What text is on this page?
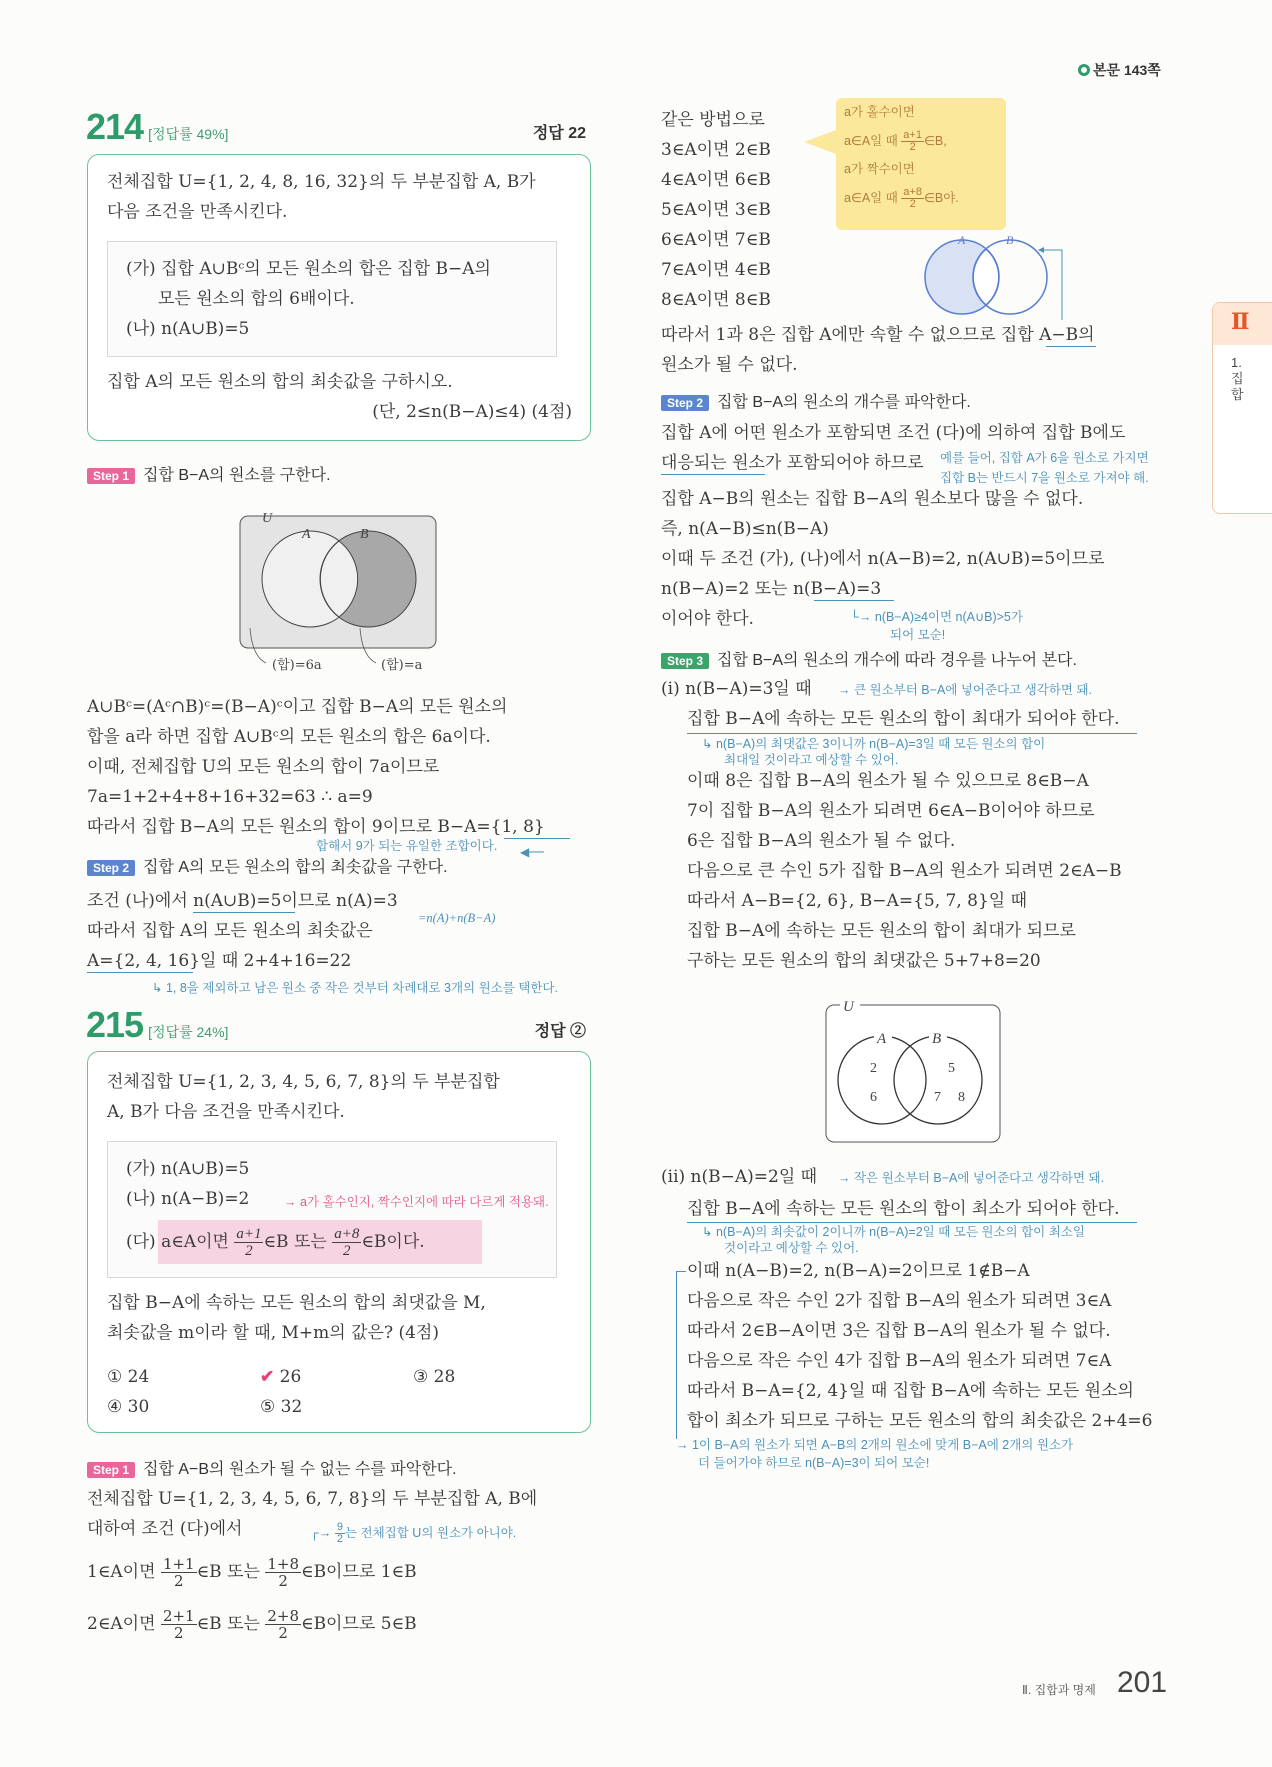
본문 143쪽
Ⅱ
1.
집
합
214 [정답률 49%]	정답 22
전체집합 U={1, 2, 4, 8, 16, 32}의 두 부분집합 A, B가
다음 조건을 만족시킨다.
(가) 집합 A∪Bᶜ의 모든 원소의 합은 집합 B−A의
모든 원소의 합의 6배이다.
(나) n(A∪B)=5
집합 A의 모든 원소의 합의 최솟값을 구하시오.
(단, 2≤n(B−A)≤4) (4점)
Step 1 집합 B−A의 원소를 구한다.
U
A	B
(합)=6a	(합)=a
A∪Bᶜ=(Aᶜ∩B)ᶜ=(B−A)ᶜ이고 집합 B−A의 모든 원소의
합을 a라 하면 집합 A∪Bᶜ의 모든 원소의 합은 6a이다.
이때, 전체집합 U의 모든 원소의 합이 7a이므로
7a=1+2+4+8+16+32=63 ∴ a=9
따라서 집합 B−A의 모든 원소의 합이 9이므로 B−A={1, 8}
합해서 9가 되는 유일한 조합이다. ◀──
Step 2 집합 A의 모든 원소의 합의 최솟값을 구한다.
조건 (나)에서 n(A∪B)=5이므로 n(A)=3
=n(A)+n(B−A)
따라서 집합 A의 모든 원소의 최솟값은
A={2, 4, 16}일 때 2+4+16=22
↳ 1, 8을 제외하고 남은 원소 중 작은 것부터 차례대로 3개의 원소를 택한다.
215 [정답률 24%]	정답 ②
전체집합 U={1, 2, 3, 4, 5, 6, 7, 8}의 두 부분집합
A, B가 다음 조건을 만족시킨다.
(가) n(A∪B)=5
(나) n(A−B)=2	→ a가 홀수인지, 짝수인지에 따라 다르게 적용돼.
(다) a∈A이면 $\frac{a+1}{2}$ ∈B 또는 $\frac{a+8}{2}$ ∈B이다.
집합 B−A에 속하는 모든 원소의 합의 최댓값을 M,
최솟값을 m이라 할 때, M+m의 값은? (4점)
① 24	✔ 26	③ 28
④ 30	⑤ 32
Step 1 집합 A−B의 원소가 될 수 없는 수를 파악한다.
전체집합 U={1, 2, 3, 4, 5, 6, 7, 8}의 두 부분집합 A, B에
대하여 조건 (다)에서	┌→ $\frac{9}{2}$ 는 전체집합 U의 원소가 아니야.
1∈A이면 $\frac{1+1}{2}$ ∈B 또는 $\frac{1+8}{2}$ ∈B이므로 1∈B
2∈A이면 $\frac{2+1}{2}$ ∈B 또는 $\frac{2+8}{2}$ ∈B이므로 5∈B
같은 방법으로
3∈A이면 2∈B
4∈A이면 6∈B
5∈A이면 3∈B
6∈A이면 7∈B
7∈A이면 4∈B
8∈A이면 8∈B
a가 홀수이면
a∈A일 때 $\frac{a+1}{2}$ ∈B,
a가 짝수이면
a∈A일 때 $\frac{a+8}{2}$ ∈B야.
A	B
따라서 1과 8은 집합 A에만 속할 수 없으므로 집합 A−B의
원소가 될 수 없다.
Step 2 집합 B−A의 원소의 개수를 파악한다.
집합 A에 어떤 원소가 포함되면 조건 (다)에 의하여 집합 B에도
대응되는 원소가 포함되어야 하므로 예를 들어, 집합 A가 6을 원소로 가지면
집합 B는 반드시 7을 원소로 가져야 해.
집합 A−B의 원소는 집합 B−A의 원소보다 많을 수 없다.
즉, n(A−B)≤n(B−A)
이때 두 조건 (가), (나)에서 n(A−B)=2, n(A∪B)=5이므로
n(B−A)=2 또는 n(B−A)=3
이어야 한다.	└→ n(B−A)≥4이면 n(A∪B)>5가
되어 모순!
Step 3 집합 B−A의 원소의 개수에 따라 경우를 나누어 본다.
(i) n(B−A)=3일 때 → 큰 원소부터 B−A에 넣어준다고 생각하면 돼.
집합 B−A에 속하는 모든 원소의 합이 최대가 되어야 한다.
↳ n(B−A)의 최댓값은 3이니까 n(B−A)=3일 때 모든 원소의 합이
최대일 것이라고 예상할 수 있어.
이때 8은 집합 B−A의 원소가 될 수 있으므로 8∈B−A
7이 집합 B−A의 원소가 되려면 6∈A−B이어야 하므로
6은 집합 B−A의 원소가 될 수 없다.
다음으로 큰 수인 5가 집합 B−A의 원소가 되려면 2∈A−B
따라서 A−B={2, 6}, B−A={5, 7, 8}일 때
집합 B−A에 속하는 모든 원소의 합이 최대가 되므로
구하는 모든 원소의 합의 최댓값은 5+7+8=20
U
A	B
2
6
5
7 8
(ii) n(B−A)=2일 때 → 작은 원소부터 B−A에 넣어준다고 생각하면 돼.
집합 B−A에 속하는 모든 원소의 합이 최소가 되어야 한다.
↳ n(B−A)의 최솟값이 2이니까 n(B−A)=2일 때 모든 원소의 합이 최소일
것이라고 예상할 수 있어.
이때 n(A−B)=2, n(B−A)=2이므로 1∉B−A
다음으로 작은 수인 2가 집합 B−A의 원소가 되려면 3∈A
따라서 2∈B−A이면 3은 집합 B−A의 원소가 될 수 없다.
다음으로 작은 수인 4가 집합 B−A의 원소가 되려면 7∈A
따라서 B−A={2, 4}일 때 집합 B−A에 속하는 모든 원소의
합이 최소가 되므로 구하는 모든 원소의 합의 최솟값은 2+4=6
→ 1이 B−A의 원소가 되면 A−B의 2개의 원소에 맞게 B−A에 2개의 원소가
더 들어가야 하므로 n(B−A)=3이 되어 모순!
Ⅱ. 집합과 명제 201
